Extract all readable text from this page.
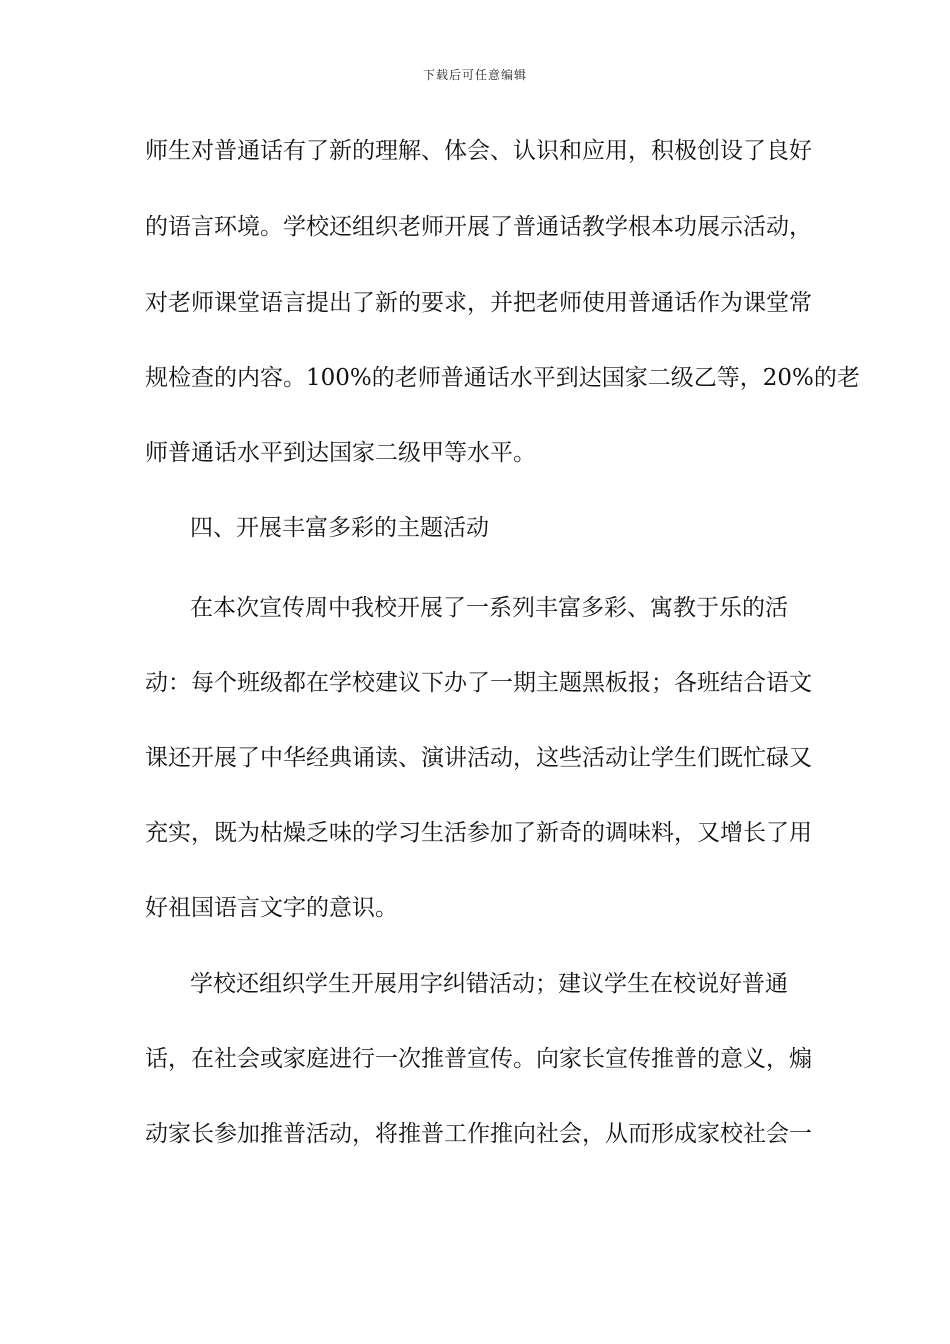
下载后可任意编辑
师生对普通话有了新的理解、体会、认识和应用，积极创设了良好
的语言环境。学校还组织老师开展了普通话教学根本功展示活动，
对老师课堂语言提出了新的要求，并把老师使用普通话作为课堂常
规检查的内容。100%的老师普通话水平到达国家二级乙等，20%的老
师普通话水平到达国家二级甲等水平。
四、开展丰富多彩的主题活动
在本次宣传周中我校开展了一系列丰富多彩、寓教于乐的活
动：每个班级都在学校建议下办了一期主题黑板报；各班结合语文
课还开展了中华经典诵读、演讲活动，这些活动让学生们既忙碌又
充实，既为枯燥乏味的学习生活参加了新奇的调味料，又增长了用
好祖国语言文字的意识。
学校还组织学生开展用字纠错活动；建议学生在校说好普通
话，在社会或家庭进行一次推普宣传。向家长宣传推普的意义，煽
动家长参加推普活动，将推普工作推向社会，从而形成家校社会一
